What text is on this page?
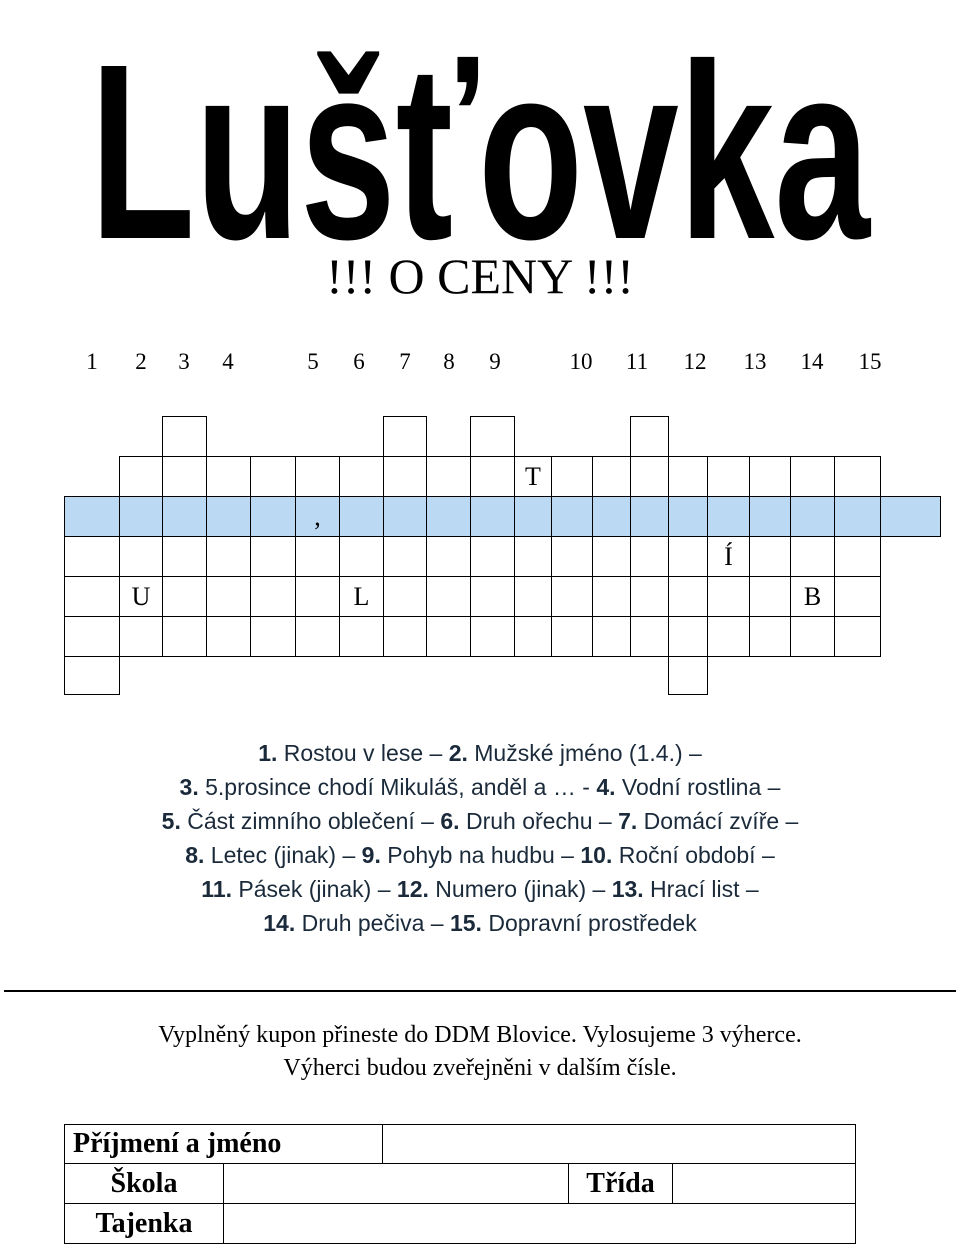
Lušťovka
!!! O CENY !!!
1	2	3	4	5	6	7	8	9	10	11	12	13	14	15
T
,
Í
U	L	B
1. Rostou v lese – 2. Mužské jméno (1.4.) –
3. 5.prosince chodí Mikuláš, anděl a … - 4. Vodní rostlina –
5. Část zimního oblečení – 6. Druh ořechu – 7. Domácí zvíře –
8. Letec (jinak) – 9. Pohyb na hudbu – 10. Roční období –
11. Pásek (jinak) – 12. Numero (jinak) – 13. Hrací list –
14. Druh pečiva – 15. Dopravní prostředek
Vyplněný kupon přineste do DDM Blovice. Vylosujeme 3 výherce.
Výherci budou zveřejněni v dalším čísle.
Příjmení a jméno
Škola	Třída
Tajenka
